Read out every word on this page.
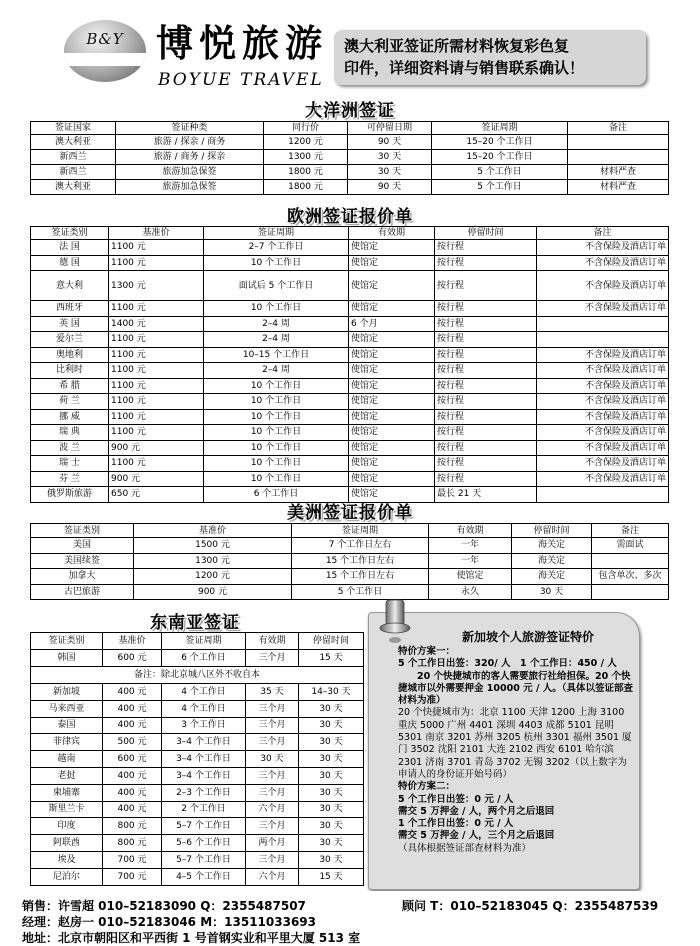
B&Y 博悦旅游
BOYUE TRAVEL
澳大利亚签证所需材料恢复彩色复
印件，详细资料请与销售联系确认！
大洋洲签证
签证国家	签证种类	同行价	可停留日期	签证周期	备注
澳大利亚	旅游 / 探亲 / 商务	1200 元	90 天	15–20 个工作日	
新西兰	旅游 / 商务 / 探亲	1300 元	30 天	15–20 个工作日	
新西兰	旅游加急保签	1800 元	30 天	5 个工作日	材料严查
澳大利亚	旅游加急保签	1800 元	90 天	5 个工作日	材料严查
欧洲签证报价单
签证类别	基准价	签证周期	有效期	停留时间	备注
法 国	1100 元	2–7 个工作日	使馆定	按行程	不含保险及酒店订单
德 国	1100 元	10 个工作日	使馆定	按行程	不含保险及酒店订单
意大利	1300 元	面试后 5 个工作日	使馆定	按行程	不含保险及酒店订单
西班牙	1100 元	10 个工作日	使馆定	按行程	不含保险及酒店订单
英 国	1400 元	2–4 周	6 个月	按行程	
爱尔兰	1100 元	2–4 周	使馆定	按行程	
奥地利	1100 元	10–15 个工作日	使馆定	按行程	不含保险及酒店订单
比利时	1100 元	2–4 周	使馆定	按行程	不含保险及酒店订单
希 腊	1100 元	10 个工作日	使馆定	按行程	不含保险及酒店订单
荷 兰	1100 元	10 个工作日	使馆定	按行程	不含保险及酒店订单
挪 威	1100 元	10 个工作日	使馆定	按行程	不含保险及酒店订单
瑞 典	1100 元	10 个工作日	使馆定	按行程	不含保险及酒店订单
波 兰	900 元	10 个工作日	使馆定	按行程	不含保险及酒店订单
瑞 士	1100 元	10 个工作日	使馆定	按行程	不含保险及酒店订单
芬 兰	900 元	10 个工作日	使馆定	按行程	不含保险及酒店订单
俄罗斯旅游	650 元	6 个工作日	使馆定	最长 21 天	
美洲签证报价单
签证类别	基准价	签证周期	有效期	停留时间	备注
美国	1500 元	7 个工作日左右	一年	海关定	需面试
美国续签	1300 元	15 个工作日左右	一年	海关定	
加拿大	1200 元	15 个工作日左右	使馆定	海关定	包含单次、多次
古巴旅游	900 元	5 个工作日	永久	30 天	
东南亚签证
签证类别	基准价	签证周期	有效期	停留时间
韩国	600 元	6 个工作日	三个月	15 天
备注：除北京城八区外不收自本				
新加坡	400 元	4 个工作日	35 天	14–30 天
马来西亚	400 元	4 个工作日	三个月	30 天
泰国	400 元	3 个工作日	三个月	30 天
菲律宾	500 元	3–4 个工作日	三个月	30 天
越南	600 元	3–4 个工作日	30 天	30 天
老挝	400 元	3–4 个工作日	三个月	30 天
柬埔寨	400 元	2–3 个工作日	三个月	30 天
斯里兰卡	400 元	2 个工作日	六个月	30 天
印度	800 元	5–7 个工作日	三个月	30 天
阿联酋	800 元	5–6 个工作日	两个月	30 天
埃及	700 元	5–7 个工作日	三个月	30 天
尼泊尔	700 元	4–5 个工作日	六个月	15 天
新加坡个人旅游签证特价
特价方案一：
5 个工作日出签：320/ 人　1 个工作日：450 / 人
　　20 个快捷城市的客人需要旅行社给担保。20 个快捷城市以外需要押金 10000 元 / 人。（具体以签证部查材料为准）
20 个快捷城市为：北京 1100 天津 1200 上海 3100 重庆 5000 广州 4401 深圳 4403 成都 5101 昆明 5301 南京 3201 苏州 3205 杭州 3301 福州 3501 厦门 3502 沈阳 2101 大连 2102 西安 6101 哈尔滨 2301 济南 3701 青岛 3702 无锡 3202（以上数字为申请人的身份证开始号码）
特价方案二：
5 个工作日出签：0 元 / 人
需交 5 万押金 / 人，两个月之后退回
1 个工作日出签：0 元 / 人
需交 5 万押金 / 人，三个月之后退回
（具体根据签证部查材料为准）
销售：许雪超 010–52183090 Q：2355487507	顾问 T：010–52183045 Q：2355487539
经理：赵房一 010–52183046 M：13511033693
地址：北京市朝阳区和平西街 1 号首钢实业和平里大厦 513 室
